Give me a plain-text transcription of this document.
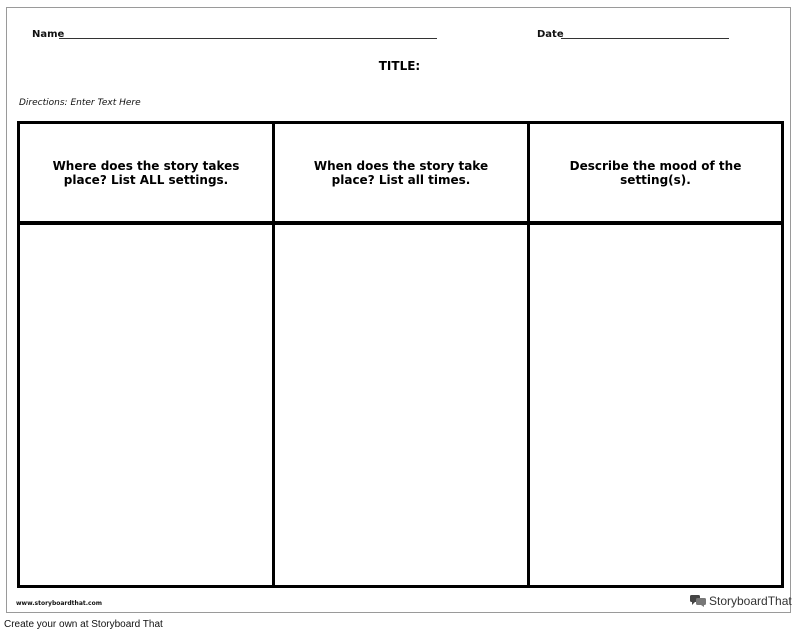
Name	Date
TITLE:
Directions: Enter Text Here
Where does the story takes place? List ALL settings.
When does the story take place? List all times.
Describe the mood of the setting(s).
www.storyboardthat.com	StoryboardThat
Create your own at Storyboard That
